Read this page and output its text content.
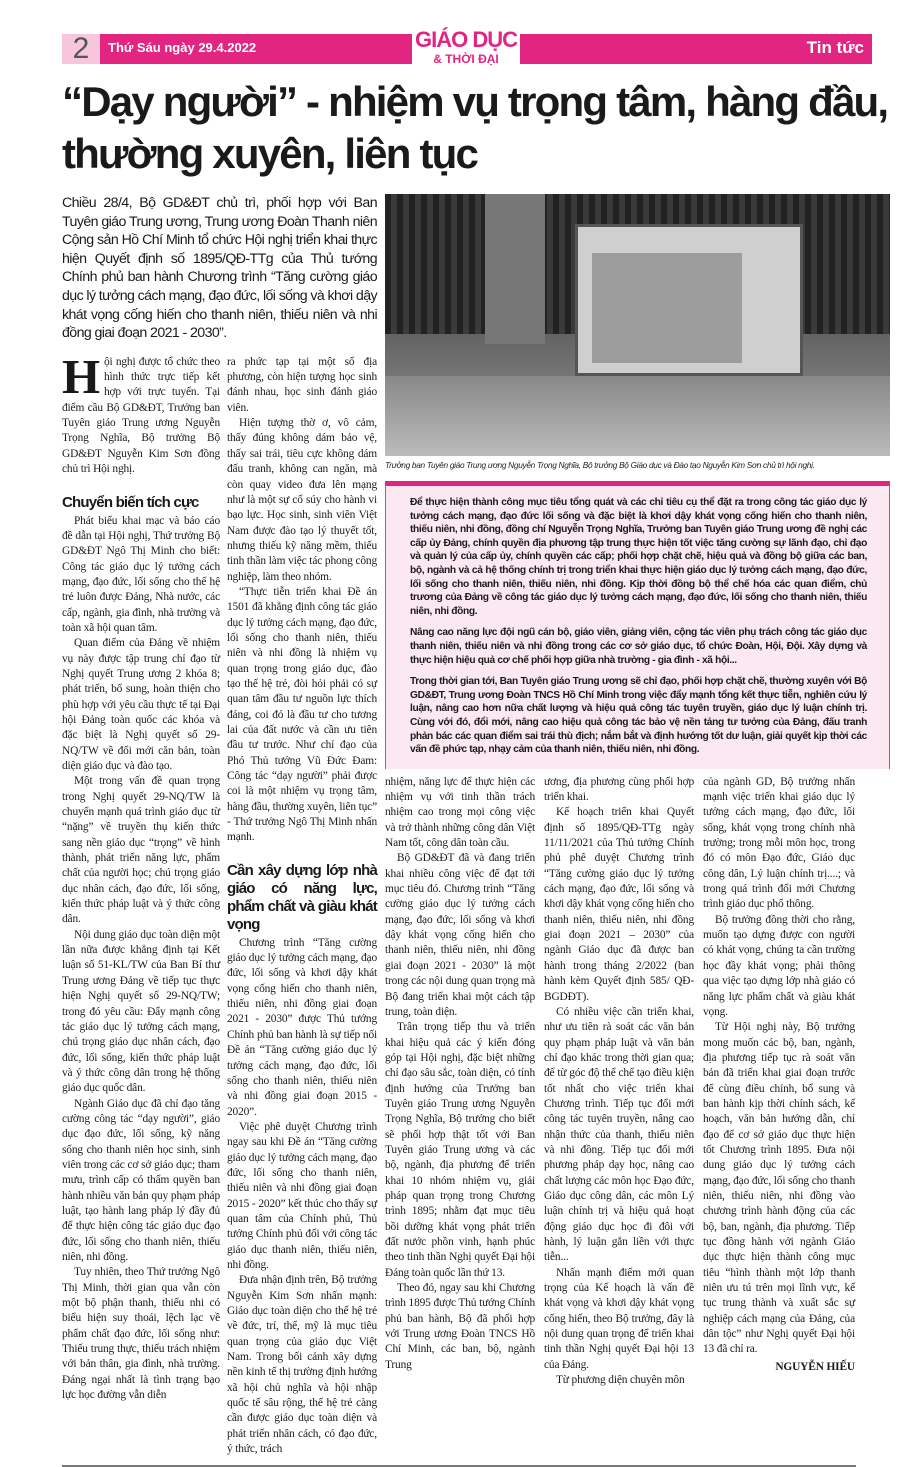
2	Thứ Sáu ngày 29.4.2022	GIÁO DỤC
& THỜI ĐẠI
Tin tức
“Dạy người” - nhiệm vụ trọng tâm, hàng đầu, thường xuyên, liên tục
Chiều 28/4, Bộ GD&ĐT chủ trì, phối hợp với Ban Tuyên giáo Trung ương, Trung ương Đoàn Thanh niên Cộng sản Hồ Chí Minh tổ chức Hội nghị triển khai thực hiện Quyết định số 1895/QĐ-TTg của Thủ tướng Chính phủ ban hành Chương trình “Tăng cường giáo dục lý tưởng cách mạng, đạo đức, lối sống và khơi dậy khát vọng cống hiến cho thanh niên, thiếu niên và nhi đồng giai đoạn 2021 - 2030”.

Hội nghị được tổ chức theo hình thức trực tiếp kết hợp với trực tuyến. Tại điểm cầu Bộ GD&ĐT, Trưởng ban Tuyên giáo Trung ương Nguyễn Trọng Nghĩa, Bộ trưởng Bộ GD&ĐT Nguyễn Kim Sơn đồng chủ trì Hội nghị.

Chuyển biến tích cực

Phát biểu khai mạc và báo cáo đề dẫn tại Hội nghị, Thứ trưởng Bộ GD&ĐT Ngô Thị Minh cho biết: Công tác giáo dục lý tưởng cách mạng, đạo đức, lối sống cho thế hệ trẻ luôn được Đảng, Nhà nước, các cấp, ngành, gia đình, nhà trường và toàn xã hội quan tâm.

Quan điểm của Đảng về nhiệm vụ này được tập trung chỉ đạo từ Nghị quyết Trung ương 2 khóa 8; phát triển, bổ sung, hoàn thiện cho phù hợp với yêu cầu thực tế tại Đại hội Đảng toàn quốc các khóa và đặc biệt là Nghị quyết số 29-NQ/TW về đổi mới căn bản, toàn diện giáo dục và đào tạo.

Một trong vấn đề quan trọng trong Nghị quyết 29-NQ/TW là chuyển mạnh quá trình giáo dục từ “nặng” về truyền thụ kiến thức sang nền giáo dục “trọng” về hình thành, phát triển năng lực, phẩm chất của người học; chú trọng giáo dục nhân cách, đạo đức, lối sống, kiến thức pháp luật và ý thức công dân.

Nội dung giáo dục toàn diện một lần nữa được khẳng định tại Kết luận số 51-KL/TW của Ban Bí thư Trung ương Đảng về tiếp tục thực hiện Nghị quyết số 29-NQ/TW; trong đó yêu cầu: Đẩy mạnh công tác giáo dục lý tưởng cách mạng, chú trọng giáo dục nhân cách, đạo đức, lối sống, kiến thức pháp luật và ý thức công dân trong hệ thống giáo dục quốc dân.

Ngành Giáo dục đã chỉ đạo tăng cường công tác “dạy người”, giáo dục đạo đức, lối sống, kỹ năng sống cho thanh niên học sinh, sinh viên trong các cơ sở giáo dục; tham mưu, trình cấp có thẩm quyền ban hành nhiều văn bản quy phạm pháp luật, tạo hành lang pháp lý đầy đủ để thực hiện công tác giáo dục đạo đức, lối sống cho thanh niên, thiếu niên, nhi đồng.

Tuy nhiên, theo Thứ trưởng Ngô Thị Minh, thời gian qua vẫn còn một bộ phận thanh, thiếu nhi có biểu hiện suy thoái, lệch lạc về phẩm chất đạo đức, lối sống như: Thiếu trung thực, thiếu trách nhiệm với bản thân, gia đình, nhà trường. Đáng ngại nhất là tình trạng bạo lực học đường vẫn diễn

ra phức tạp tại một số địa phương, còn hiện tượng học sinh đánh nhau, học sinh đánh giáo viên.

Hiện tượng thờ ơ, vô cảm, thấy đúng không dám bảo vệ, thấy sai trái, tiêu cực không dám đấu tranh, không can ngăn, mà còn quay video đưa lên mạng như là một sự cổ súy cho hành vi bạo lực. Học sinh, sinh viên Việt Nam được đào tạo lý thuyết tốt, nhưng thiếu kỹ năng mềm, thiếu tinh thần làm việc tác phong công nghiệp, làm theo nhóm.

“Thực tiễn triển khai Đề án 1501 đã khẳng định công tác giáo dục lý tưởng cách mạng, đạo đức, lối sống cho thanh niên, thiếu niên và nhi đồng là nhiệm vụ quan trọng trong giáo dục, đào tạo thế hệ trẻ, đòi hỏi phải có sự quan tâm đầu tư nguồn lực thích đáng, coi đó là đầu tư cho tương lai của đất nước và cần ưu tiên đầu tư trước. Như chỉ đạo của Phó Thủ tướng Vũ Đức Đam: Công tác “dạy người” phải được coi là một nhiệm vụ trọng tâm, hàng đầu, thường xuyên, liên tục” - Thứ trưởng Ngô Thị Minh nhấn mạnh.

Cần xây dựng lớp nhà giáo có năng lực, phẩm chất và giàu khát vọng

Chương trình “Tăng cường giáo dục lý tưởng cách mạng, đạo đức, lối sống và khơi dậy khát vọng cống hiến cho thanh niên, thiếu niên, nhi đồng giai đoạn 2021 - 2030” được Thủ tướng Chính phủ ban hành là sự tiếp nối Đề án “Tăng cường giáo dục lý tưởng cách mạng, đạo đức, lối sống cho thanh niên, thiếu niên và nhi đồng giai đoạn 2015 - 2020”.

Việc phê duyệt Chương trình ngay sau khi Đề án “Tăng cường giáo dục lý tưởng cách mạng, đạo đức, lối sống cho thanh niên, thiếu niên và nhi đồng giai đoạn 2015 - 2020” kết thúc cho thấy sự quan tâm của Chính phủ, Thủ tướng Chính phủ đối với công tác giáo dục thanh niên, thiếu niên, nhi đồng.

Đưa nhận định trên, Bộ trưởng Nguyễn Kim Sơn nhấn mạnh: Giáo dục toàn diện cho thế hệ trẻ về đức, trí, thể, mỹ là mục tiêu quan trọng của giáo dục Việt Nam. Trong bối cảnh xây dựng nền kinh tế thị trường định hướng xã hội chủ nghĩa và hội nhập quốc tế sâu rộng, thế hệ trẻ càng cần được giáo dục toàn diện và phát triển nhân cách, có đạo đức, ý thức, trách

Trưởng ban Tuyên giáo Trung ương Nguyễn Trọng Nghĩa, Bộ trưởng Bộ Giáo dục và Đào tạo Nguyễn Kim Sơn chủ trì hội nghị.

Để thực hiện thành công mục tiêu tổng quát và các chỉ tiêu cụ thể đặt ra trong công tác giáo dục lý tưởng cách mạng, đạo đức lối sống và đặc biệt là khơi dậy khát vọng cống hiến cho thanh niên, thiếu niên, nhi đồng, đồng chí Nguyễn Trọng Nghĩa, Trưởng ban Tuyên giáo Trung ương đề nghị các cấp ủy Đảng, chính quyền địa phương tập trung thực hiện tốt việc tăng cường sự lãnh đạo, chỉ đạo và quản lý của cấp ủy, chính quyền các cấp; phối hợp chặt chẽ, hiệu quả và đồng bộ giữa các ban, bộ, ngành và cả hệ thống chính trị trong triển khai thực hiện giáo dục lý tưởng cách mạng, đạo đức, lối sống cho thanh niên, thiếu niên, nhi đồng. Kịp thời đồng bộ thể chế hóa các quan điểm, chủ trương của Đảng về công tác giáo dục lý tưởng cách mạng, đạo đức, lối sống cho thanh niên, thiếu niên, nhi đồng.

Nâng cao năng lực đội ngũ cán bộ, giáo viên, giảng viên, cộng tác viên phụ trách công tác giáo dục thanh niên, thiếu niên và nhi đồng trong các cơ sở giáo dục, tổ chức Đoàn, Hội, Đội. Xây dựng và thực hiện hiệu quả cơ chế phối hợp giữa nhà trường - gia đình - xã hội...

Trong thời gian tới, Ban Tuyên giáo Trung ương sẽ chỉ đạo, phối hợp chặt chẽ, thường xuyên với Bộ GD&ĐT, Trung ương Đoàn TNCS Hồ Chí Minh trong việc đẩy mạnh tổng kết thực tiễn, nghiên cứu lý luận, nâng cao hơn nữa chất lượng và hiệu quả công tác tuyên truyền, giáo dục lý luận chính trị. Cùng với đó, đổi mới, nâng cao hiệu quả công tác bảo vệ nền tảng tư tưởng của Đảng, đấu tranh phản bác các quan điểm sai trái thù địch; nắm bắt và định hướng tốt dư luận, giải quyết kịp thời các vấn đề phức tạp, nhạy cảm của thanh niên, thiếu niên, nhi đồng.

nhiệm, năng lực để thực hiện các nhiệm vụ với tinh thần trách nhiệm cao trong mọi công việc và trở thành những công dân Việt Nam tốt, công dân toàn cầu.

Bộ GD&ĐT đã và đang triển khai nhiều công việc để đạt tới mục tiêu đó. Chương trình “Tăng cường giáo dục lý tưởng cách mạng, đạo đức, lối sống và khơi dậy khát vọng cống hiến cho thanh niên, thiếu niên, nhi đồng giai đoạn 2021 - 2030” là một trong các nội dung quan trọng mà Bộ đang triển khai một cách tập trung, toàn diện.

Trân trọng tiếp thu và triển khai hiệu quả các ý kiến đóng góp tại Hội nghị, đặc biệt những chỉ đạo sâu sắc, toàn diện, có tính định hướng của Trưởng ban Tuyên giáo Trung ương Nguyễn Trọng Nghĩa, Bộ trưởng cho biết sẽ phối hợp thật tốt với Ban Tuyên giáo Trung ương và các bộ, ngành, địa phương để triển khai 10 nhóm nhiệm vụ, giải pháp quan trọng trong Chương trình 1895; nhằm đạt mục tiêu bồi dưỡng khát vọng phát triển đất nước phồn vinh, hạnh phúc theo tinh thần Nghị quyết Đại hội Đảng toàn quốc lần thứ 13.

Theo đó, ngay sau khi Chương trình 1895 được Thủ tướng Chính phủ ban hành, Bộ đã phối hợp với Trung ương Đoàn TNCS Hồ Chí Minh, các ban, bộ, ngành Trung

ương, địa phương cùng phối hợp triển khai.

Kế hoạch triển khai Quyết định số 1895/QĐ-TTg ngày 11/11/2021 của Thủ tướng Chính phủ phê duyệt Chương trình “Tăng cường giáo dục lý tưởng cách mạng, đạo đức, lối sống và khơi dậy khát vọng cống hiến cho thanh niên, thiếu niên, nhi đồng giai đoạn 2021 – 2030” của ngành Giáo dục đã được ban hành trong tháng 2/2022 (ban hành kèm Quyết định 585/ QĐ-BGDĐT).

Có nhiều việc cần triển khai, như ưu tiên rà soát các văn bản quy phạm pháp luật và văn bản chỉ đạo khác trong thời gian qua; để từ góc độ thể chế tạo điều kiện tốt nhất cho việc triển khai Chương trình. Tiếp tục đổi mới công tác tuyên truyền, nâng cao nhận thức của thanh, thiếu niên và nhi đồng. Tiếp tục đổi mới phương pháp dạy học, nâng cao chất lượng các môn học Đạo đức, Giáo dục công dân, các môn Lý luận chính trị và hiệu quả hoạt động giáo dục học đi đôi với hành, lý luận gắn liền với thực tiễn...

Nhấn mạnh điểm mới quan trọng của Kế hoạch là vấn đề khát vọng và khơi dậy khát vọng cống hiến, theo Bộ trưởng, đây là nội dung quan trọng để triển khai tinh thần Nghị quyết Đại hội 13 của Đảng.

Từ phương diện chuyên môn

của ngành GD, Bộ trưởng nhấn mạnh việc triển khai giáo dục lý tưởng cách mạng, đạo đức, lối sống, khát vọng trong chính nhà trường; trong mỗi môn học, trong đó có môn Đạo đức, Giáo dục công dân, Lý luận chính trị....; và trong quá trình đổi mới Chương trình giáo dục phổ thông.

Bộ trưởng đồng thời cho rằng, muốn tạo dựng được con người có khát vọng, chúng ta cần trường học đầy khát vọng; phải thông qua việc tạo dựng lớp nhà giáo có năng lực phẩm chất và giàu khát vọng.

Từ Hội nghị này, Bộ trưởng mong muốn các bộ, ban, ngành, địa phương tiếp tục rà soát văn bản đã triển khai giai đoạn trước để cùng điều chỉnh, bổ sung và ban hành kịp thời chính sách, kế hoạch, văn bản hướng dẫn, chỉ đạo để cơ sở giáo dục thực hiện tốt Chương trình 1895. Đưa nội dung giáo dục lý tưởng cách mạng, đạo đức, lối sống cho thanh niên, thiếu niên, nhi đồng vào chương trình hành động của các bộ, ban, ngành, địa phương. Tiếp tục đồng hành với ngành Giáo dục thực hiện thành công mục tiêu “hình thành một lớp thanh niên ưu tú trên mọi lĩnh vực, kế tục trung thành và xuất sắc sự nghiệp cách mạng của Đảng, của dân tộc” như Nghị quyết Đại hội 13 đã chỉ ra.

NGUYỄN HIẾU
